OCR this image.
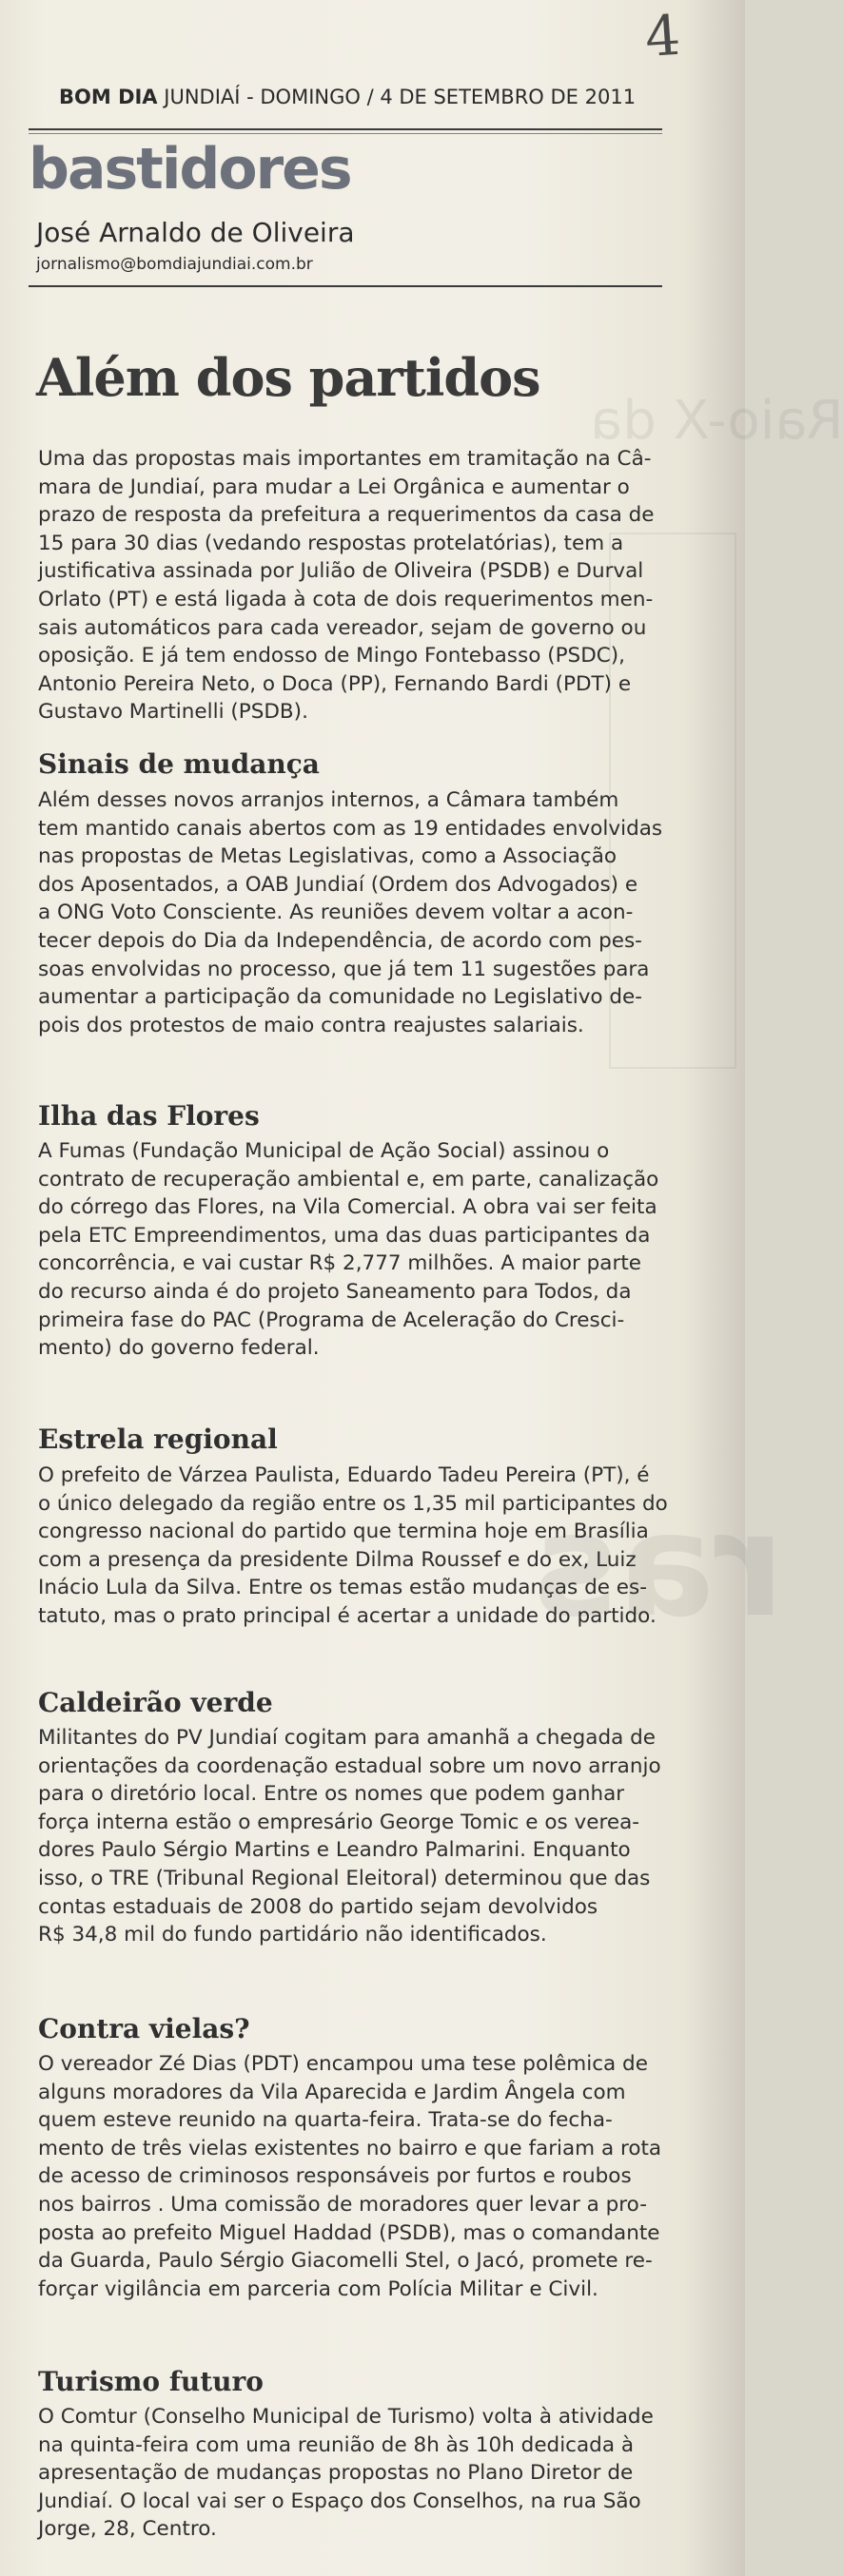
Raio-X da
ras
4
BOM DIA JUNDIAÍ - DOMINGO / 4 DE SETEMBRO DE 2011
bastidores
José Arnaldo de Oliveira
jornalismo@bomdiajundiai.com.br
Além dos partidos
Uma das propostas mais importantes em tramitação na Câ-
mara de Jundiaí, para mudar a Lei Orgânica e aumentar o
prazo de resposta da prefeitura a requerimentos da casa de
15 para 30 dias (vedando respostas protelatórias), tem a
justificativa assinada por Julião de Oliveira (PSDB) e Durval
Orlato (PT) e está ligada à cota de dois requerimentos men-
sais automáticos para cada vereador, sejam de governo ou
oposição. E já tem endosso de Mingo Fontebasso (PSDC),
Antonio Pereira Neto, o Doca (PP), Fernando Bardi (PDT) e
Gustavo Martinelli (PSDB).
Sinais de mudança
Além desses novos arranjos internos, a Câmara também
tem mantido canais abertos com as 19 entidades envolvidas
nas propostas de Metas Legislativas, como a Associação
dos Aposentados, a OAB Jundiaí (Ordem dos Advogados) e
a ONG Voto Consciente. As reuniões devem voltar a acon-
tecer depois do Dia da Independência, de acordo com pes-
soas envolvidas no processo, que já tem 11 sugestões para
aumentar a participação da comunidade no Legislativo de-
pois dos protestos de maio contra reajustes salariais.
Ilha das Flores
A Fumas (Fundação Municipal de Ação Social) assinou o
contrato de recuperação ambiental e, em parte, canalização
do córrego das Flores, na Vila Comercial. A obra vai ser feita
pela ETC Empreendimentos, uma das duas participantes da
concorrência, e vai custar R$ 2,777 milhões. A maior parte
do recurso ainda é do projeto Saneamento para Todos, da
primeira fase do PAC (Programa de Aceleração do Cresci-
mento) do governo federal.
Estrela regional
O prefeito de Várzea Paulista, Eduardo Tadeu Pereira (PT), é
o único delegado da região entre os 1,35 mil participantes do
congresso nacional do partido que termina hoje em Brasília
com a presença da presidente Dilma Roussef e do ex, Luiz
Inácio Lula da Silva. Entre os temas estão mudanças de es-
tatuto, mas o prato principal é acertar a unidade do partido.
Caldeirão verde
Militantes do PV Jundiaí cogitam para amanhã a chegada de
orientações da coordenação estadual sobre um novo arranjo
para o diretório local. Entre os nomes que podem ganhar
força interna estão o empresário George Tomic e os verea-
dores Paulo Sérgio Martins e Leandro Palmarini. Enquanto
isso, o TRE (Tribunal Regional Eleitoral) determinou que das
contas estaduais de 2008 do partido sejam devolvidos
R$ 34,8 mil do fundo partidário não identificados.
Contra vielas?
O vereador Zé Dias (PDT) encampou uma tese polêmica de
alguns moradores da Vila Aparecida e Jardim Ângela com
quem esteve reunido na quarta-feira. Trata-se do fecha-
mento de três vielas existentes no bairro e que fariam a rota
de acesso de criminosos responsáveis por furtos e roubos
nos bairros . Uma comissão de moradores quer levar a pro-
posta ao prefeito Miguel Haddad (PSDB), mas o comandante
da Guarda, Paulo Sérgio Giacomelli Stel, o Jacó, promete re-
forçar vigilância em parceria com Polícia Militar e Civil.
Turismo futuro
O Comtur (Conselho Municipal de Turismo) volta à atividade
na quinta-feira com uma reunião de 8h às 10h dedicada à
apresentação de mudanças propostas no Plano Diretor de
Jundiaí. O local vai ser o Espaço dos Conselhos, na rua São
Jorge, 28, Centro.
